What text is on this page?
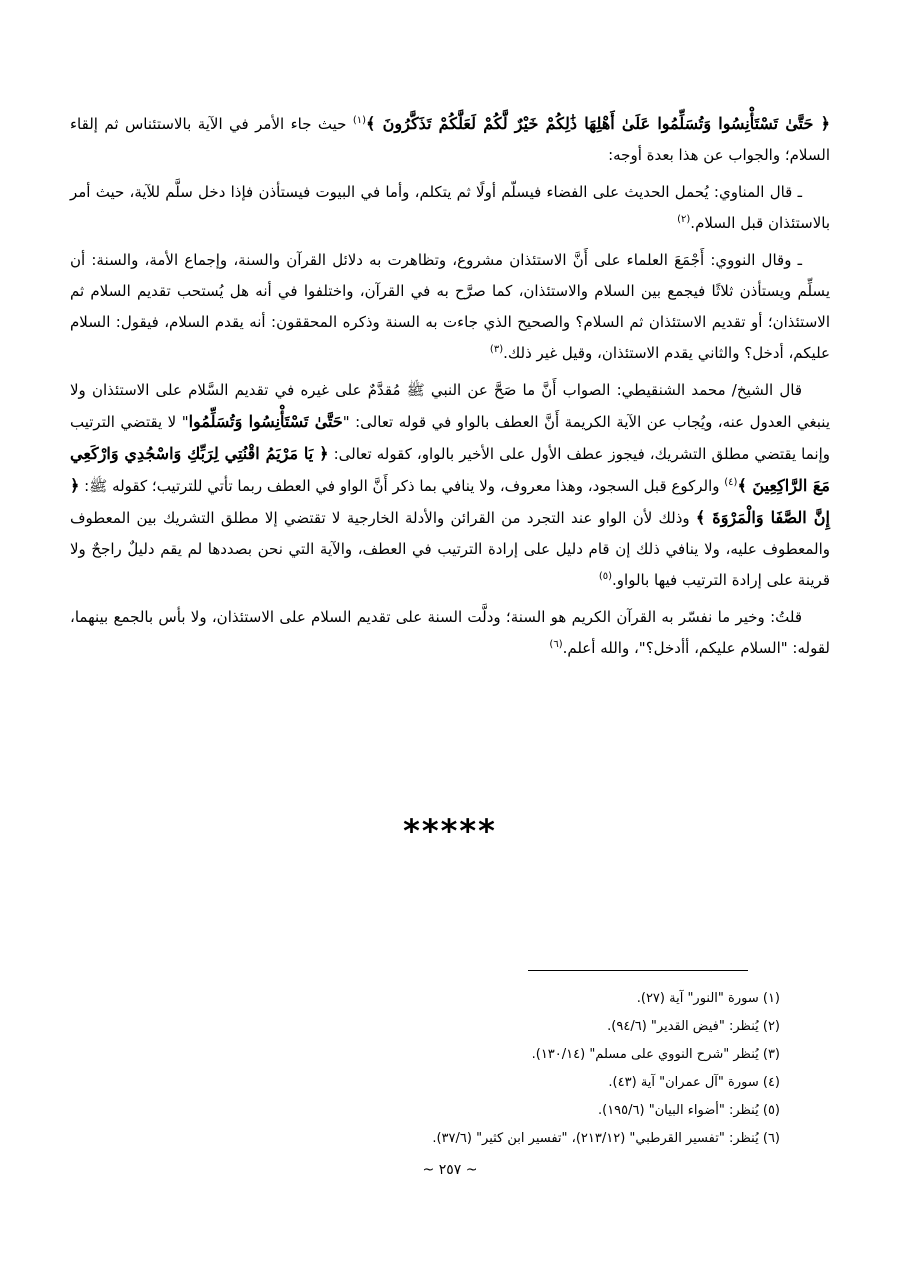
﴿ حَتَّىٰ تَسْتَأْنِسُوا وَتُسَلِّمُوا عَلَىٰ أَهْلِهَا ذَٰلِكُمْ خَيْرٌ لَّكُمْ لَعَلَّكُمْ تَذَكَّرُونَ ﴾$^{(١)}$ حيث جاء الأمر في الآية بالاستئناس ثم إلقاء السلام؛ والجواب عن هذا بعدة أوجه:

ـ قال المناوي: يُحمل الحديث على الفضاء فيسلّم أولًا ثم يتكلم، وأما في البيوت فيستأذن فإذا دخل سلَّم للآية، حيث أمر بالاستئذان قبل السلام.$^{(٢)}$

ـ وقال النووي: أَجْمَعَ العلماء على أَنَّ الاستئذان مشروع، وتظاهرت به دلائل القرآن والسنة، وإجماع الأمة، والسنة: أن يسلِّم ويستأذن ثلاثًا فيجمع بين السلام والاستئذان، كما صرَّح به في القرآن، واختلفوا في أنه هل يُستحب تقديم السلام ثم الاستئذان؛ أو تقديم الاستئذان ثم السلام؟ والصحيح الذي جاءت به السنة وذكره المحققون: أنه يقدم السلام، فيقول: السلام عليكم، أدخل؟ والثاني يقدم الاستئذان، وقيل غير ذلك.$^{(٣)}$

قال الشيخ/ محمد الشنقيطي: الصواب أَنَّ ما صَحَّ عن النبي ﷺ مُقدَّمٌ على غيره في تقديم السَّلام على الاستئذان ولا ينبغي العدول عنه، ويُجاب عن الآية الكريمة أَنَّ العطف بالواو في قوله تعالى: "حَتَّىٰ تَسْتَأْنِسُوا وَتُسَلِّمُوا" لا يقتضي الترتيب وإنما يقتضي مطلق التشريك، فيجوز عطف الأول على الأخير بالواو، كقوله تعالى: ﴿ يَا مَرْيَمُ اقْنُتِي لِرَبِّكِ وَاسْجُدِي وَارْكَعِي مَعَ الرَّاكِعِينَ ﴾$^{(٤)}$ والركوع قبل السجود، وهذا معروف، ولا ينافي بما ذكر أَنَّ الواو في العطف ربما تأتي للترتيب؛ كقوله ﷺ: ﴿ إِنَّ الصَّفَا وَالْمَرْوَةَ ﴾ وذلك لأن الواو عند التجرد من القرائن والأدلة الخارجية لا تقتضي إلا مطلق التشريك بين المعطوف والمعطوف عليه، ولا ينافي ذلك إن قام دليل على إرادة الترتيب في العطف، والآية التي نحن بصددها لم يقم دليلٌ راجحٌ ولا قرينة على إرادة الترتيب فيها بالواو.$^{(٥)}$

قلتُ: وخير ما نفسّر به القرآن الكريم هو السنة؛ ودلَّت السنة على تقديم السلام على الاستئذان، ولا بأس بالجمع بينهما، لقوله: "السلام عليكم، أأدخل؟"، والله أعلم.$^{(٦)}$

*****
(١) سورة "النور" آية (٢٧).
(٢) يُنظر: "فيض القدير" (٩٤/٦).
(٣) يُنظر "شرح النووي على مسلم" (١٣٠/١٤).
(٤) سورة "آل عمران" آية (٤٣).
(٥) يُنظر: "أضواء البيان" (١٩٥/٦).
(٦) يُنظر: "تفسير القرطبي" (٢١٣/١٢)، "تفسير ابن كثير" (٣٧/٦).
~ ٢٥٧ ~
